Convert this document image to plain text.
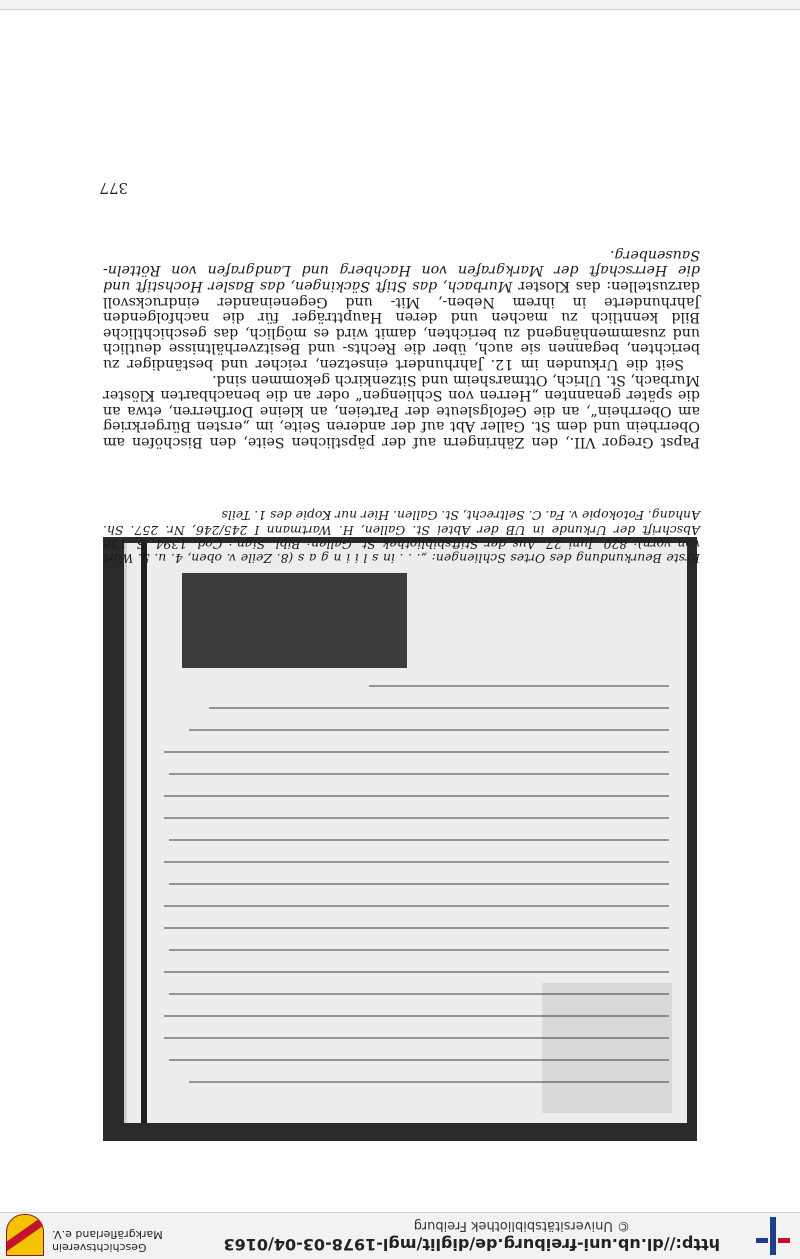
http://dl.ub.uni-freiburg.de/diglit/mgl-1978-03-04/0163
© Universitätsbibliothek Freiburg
Geschichtsverein
Markgräflerland e.V.
Erste Beurkundung des Ortes Schliengen: „. . . in s l i i n g a s (8. Zeile v. oben, 4. u. 5. Wort von vorn); 820, Juni 27. Aus der Stiftsbibliothek St. Gallen; Bibl. Sign.: Cod. 1394, S. 138 Abschrift der Urkunde in UB der Abtei St. Gallen, H. Wartmann I 245/246, Nr. 257. Sh. Anhang. Fotokopie v. Fa. C. Seltrecht, St. Gallen. Hier nur Kopie des 1. Teils

Papst Gregor VII., den Zähringern auf der päpstlichen Seite, den Bischöfen am Oberrhein und dem St. Galler Abt auf der anderen Seite, im „ersten Bürgerkrieg am Oberrhein“, an die Gefolgsleute der Parteien, an kleine Dorfherren, etwa an die später genannten „Herren von Schliengen“ oder an die benachbarten Klöster Murbach, St. Ulrich, Ottmarsheim und Sitzenkirch gekommen sind.

Seit die Urkunden im 12. Jahrhundert einsetzen, reicher und beständiger zu berichten, begannen sie auch, über die Rechts- und Besitzverhältnisse deutlich und zusammenhängend zu berichten, damit wird es möglich, das geschichtliche Bild kenntlich zu machen und deren Hauptträger für die nachfolgenden Jahrhunderte in ihrem Neben-, Mit- und Gegeneinander eindrucksvoll darzustellen: das Kloster Murbach, das Stift Säckingen, das Basler Hochstift und die Herrschaft der Markgrafen von Hachberg und Landgrafen von Rötteln-Sausenberg.

377
